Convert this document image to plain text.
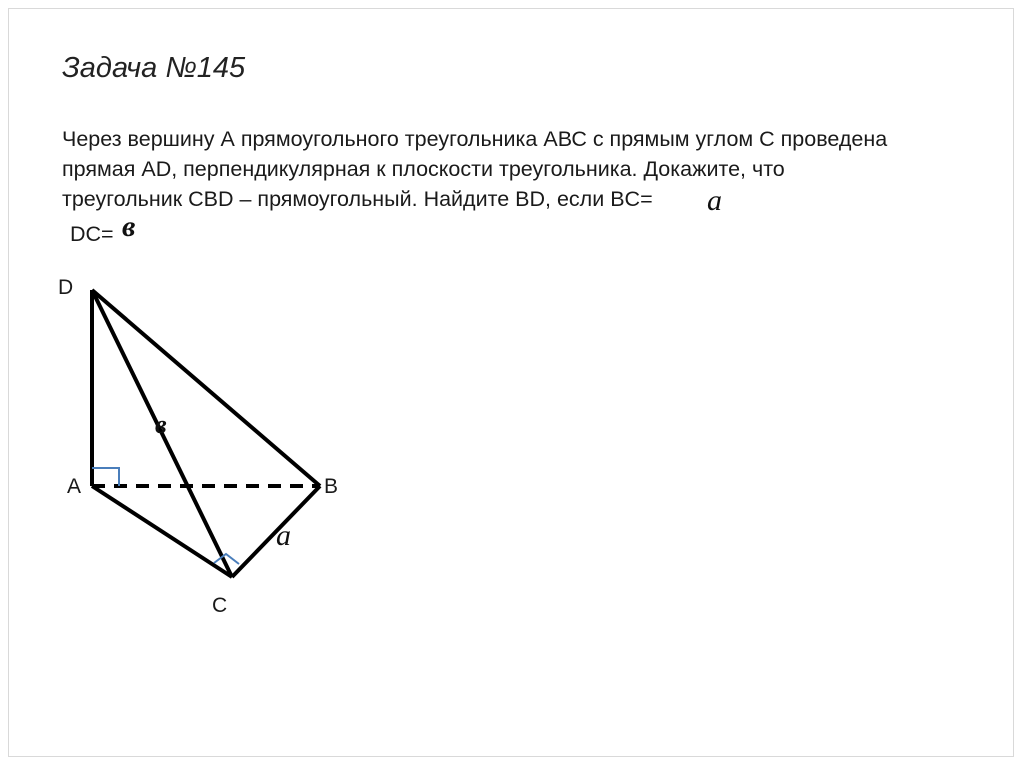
Задача №145
Через вершину А прямоугольного треугольника АВС с прямым углом С проведена
прямая AD, перпендикулярная к плоскости треугольника. Докажите, что
треугольник CBD – прямоугольный. Найдите BD, если BC=	a
DC= в
D
A	B
C
в
a
